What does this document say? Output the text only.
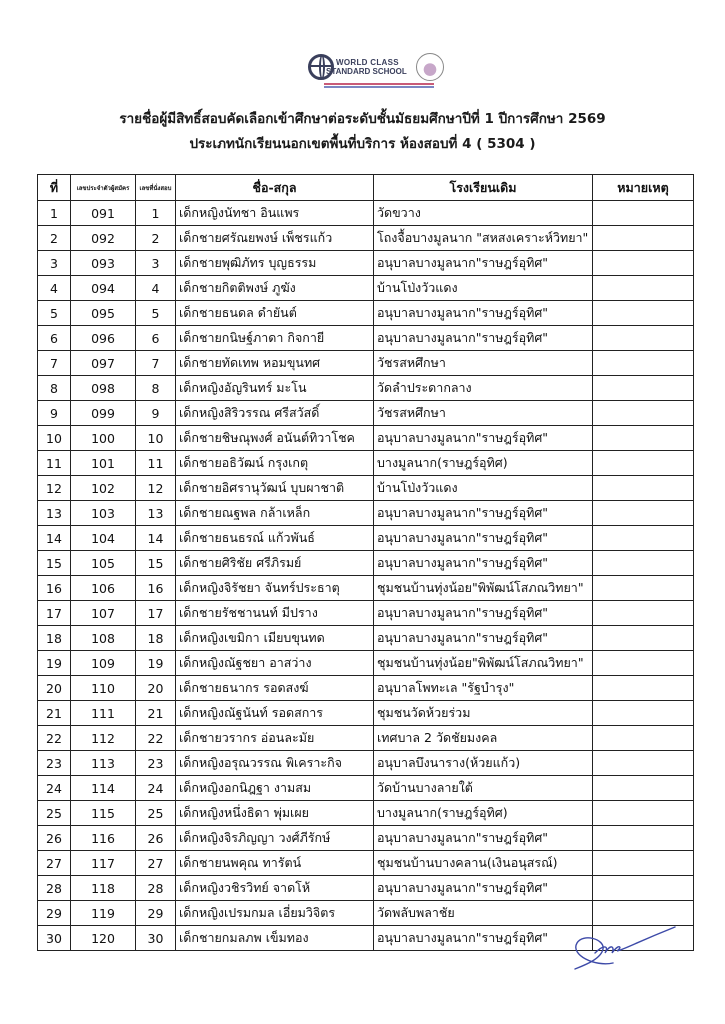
WORLD CLASS
STANDARD SCHOOL
รายชื่อผู้มีสิทธิ์สอบคัดเลือกเข้าศึกษาต่อระดับชั้นมัธยมศึกษาปีที่ 1 ปีการศึกษา 2569
ประเภทนักเรียนนอกเขตพื้นที่บริการ ห้องสอบที่ 4 ( 5304 )
ที่	เลขประจำตัวผู้สมัคร	เลขที่นั่งสอบ	ชื่อ-สกุล	โรงเรียนเดิม	หมายเหตุ
1	091	1	เด็กหญิงนัทชา อินแพร	วัดขวาง	
2	092	2	เด็กชายศรัณยพงษ์ เพ็ชรแก้ว	โถงจื้อบางมูลนาก "สหสงเคราะห์วิทยา"	
3	093	3	เด็กชายพุฒิภัทร บุญธรรม	อนุบาลบางมูลนาก"ราษฎร์อุทิศ"	
4	094	4	เด็กชายกิตติพงษ์ ภูฆัง	บ้านโป่งวัวแดง	
5	095	5	เด็กชายธนดล ดำยันต์	อนุบาลบางมูลนาก"ราษฎร์อุทิศ"	
6	096	6	เด็กชายกนิษฐ์ภาดา กิจกายี	อนุบาลบางมูลนาก"ราษฎร์อุทิศ"	
7	097	7	เด็กชายทัดเทพ หอมขุนทศ	วัชรสหศึกษา	
8	098	8	เด็กหญิงอัญรินทร์ มะโน	วัดลำประดากลาง	
9	099	9	เด็กหญิงสิริวรรณ ศรีสวัสดิ์	วัชรสหศึกษา	
10	100	10	เด็กชายชิษณุพงศ์ อนันต์ทิวาโชค	อนุบาลบางมูลนาก"ราษฎร์อุทิศ"	
11	101	11	เด็กชายอธิวัฒน์ กรุงเกตุ	บางมูลนาก(ราษฎร์อุทิศ)	
12	102	12	เด็กชายอิศรานุวัฒน์ บุบผาชาติ	บ้านโป่งวัวแดง	
13	103	13	เด็กชายณฐพล กล้าเหล็ก	อนุบาลบางมูลนาก"ราษฎร์อุทิศ"	
14	104	14	เด็กชายธนธรณ์ แก้วพันธ์	อนุบาลบางมูลนาก"ราษฎร์อุทิศ"	
15	105	15	เด็กชายศิริชัย ศรีภิรมย์	อนุบาลบางมูลนาก"ราษฎร์อุทิศ"	
16	106	16	เด็กหญิงจิรัชยา จันทร์ประธาตุ	ชุมชนบ้านทุ่งน้อย"พิพัฒน์โสภณวิทยา"	
17	107	17	เด็กชายรัชชานนท์ มีปราง	อนุบาลบางมูลนาก"ราษฎร์อุทิศ"	
18	108	18	เด็กหญิงเขมิกา เมียบขุนทด	อนุบาลบางมูลนาก"ราษฎร์อุทิศ"	
19	109	19	เด็กหญิงณัฐชยา อาสว่าง	ชุมชนบ้านทุ่งน้อย"พิพัฒน์โสภณวิทยา"	
20	110	20	เด็กชายธนากร รอดสงฆ์	อนุบาลโพทะเล "รัฐบำรุง"	
21	111	21	เด็กหญิงณัฐนันท์ รอดสการ	ชุมชนวัดห้วยร่วม	
22	112	22	เด็กชายวรากร อ่อนละมัย	เทศบาล 2 วัดชัยมงคล	
23	113	23	เด็กหญิงอรุณวรรณ พิเคราะกิจ	อนุบาลบึงนาราง(ห้วยแก้ว)	
24	114	24	เด็กหญิงอกนิฎฐา งามสม	วัดบ้านบางลายใต้	
25	115	25	เด็กหญิงหนึ่งธิดา พุ่มเผย	บางมูลนาก(ราษฎร์อุทิศ)	
26	116	26	เด็กหญิงจิรภิญญา วงศ์ภีรักษ์	อนุบาลบางมูลนาก"ราษฎร์อุทิศ"	
27	117	27	เด็กชายนพคุณ ทารัตน์	ชุมชนบ้านบางคลาน(เงินอนุสรณ์)	
28	118	28	เด็กหญิงวชิรวิทย์ จาดโห้	อนุบาลบางมูลนาก"ราษฎร์อุทิศ"	
29	119	29	เด็กหญิงเปรมกมล เอี่ยมวิจิตร	วัดพลับพลาชัย	
30	120	30	เด็กชายกมลภพ เข็มทอง	อนุบาลบางมูลนาก"ราษฎร์อุทิศ"	
